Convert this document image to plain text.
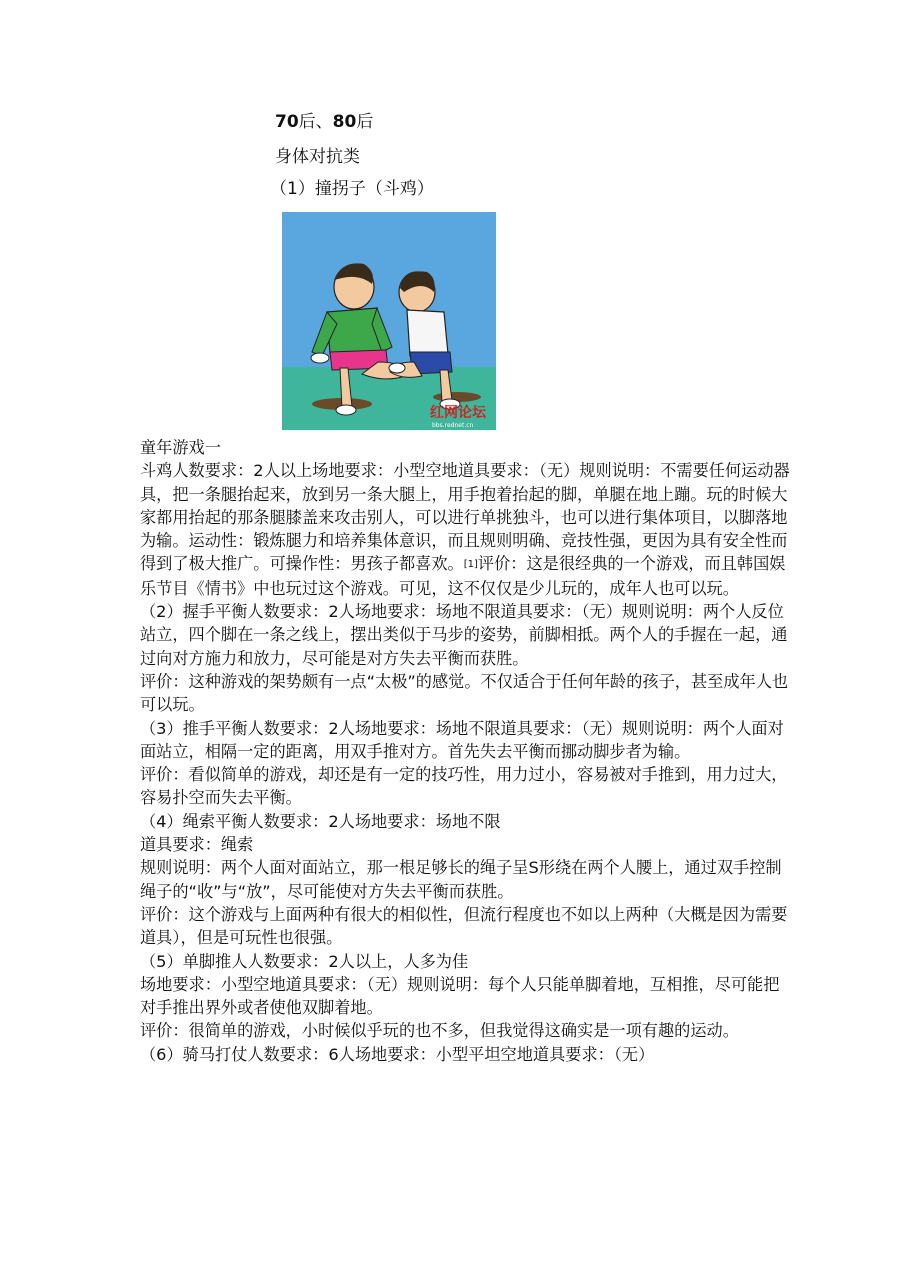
70后、80后
身体对抗类
（1）撞拐子（斗鸡）
红网论坛
bbs.rednet.cn

童年游戏一

斗鸡人数要求：2人以上场地要求：小型空地道具要求：（无）规则说明：不需要任何运动器具，把一条腿抬起来，放到另一条大腿上，用手抱着抬起的脚，单腿在地上蹦。玩的时候大家都用抬起的那条腿膝盖来攻击别人，可以进行单挑独斗，也可以进行集体项目，以脚落地为输。运动性：锻炼腿力和培养集体意识，而且规则明确、竞技性强，更因为具有安全性而得到了极大推广。可操作性：男孩子都喜欢。[1]评价：这是很经典的一个游戏，而且韩国娱乐节目《情书》中也玩过这个游戏。可见，这不仅仅是少儿玩的，成年人也可以玩。

（2）握手平衡人数要求：2人场地要求：场地不限道具要求：（无）规则说明：两个人反位站立，四个脚在一条之线上，摆出类似于马步的姿势，前脚相抵。两个人的手握在一起，通过向对方施力和放力，尽可能是对方失去平衡而获胜。

评价：这种游戏的架势颇有一点“太极”的感觉。不仅适合于任何年龄的孩子，甚至成年人也可以玩。

（3）推手平衡人数要求：2人场地要求：场地不限道具要求：（无）规则说明：两个人面对面站立，相隔一定的距离，用双手推对方。首先失去平衡而挪动脚步者为输。

评价：看似简单的游戏，却还是有一定的技巧性，用力过小，容易被对手推到，用力过大，容易扑空而失去平衡。

（4）绳索平衡人数要求：2人场地要求：场地不限

道具要求：绳索

规则说明：两个人面对面站立，那一根足够长的绳子呈S形绕在两个人腰上，通过双手控制绳子的“收”与“放”，尽可能使对方失去平衡而获胜。

评价：这个游戏与上面两种有很大的相似性，但流行程度也不如以上两种（大概是因为需要道具），但是可玩性也很强。

（5）单脚推人人数要求：2人以上，人多为佳

场地要求：小型空地道具要求：（无）规则说明：每个人只能单脚着地，互相推，尽可能把对手推出界外或者使他双脚着地。

评价：很简单的游戏，小时候似乎玩的也不多，但我觉得这确实是一项有趣的运动。

（6）骑马打仗人数要求：6人场地要求：小型平坦空地道具要求：（无）
